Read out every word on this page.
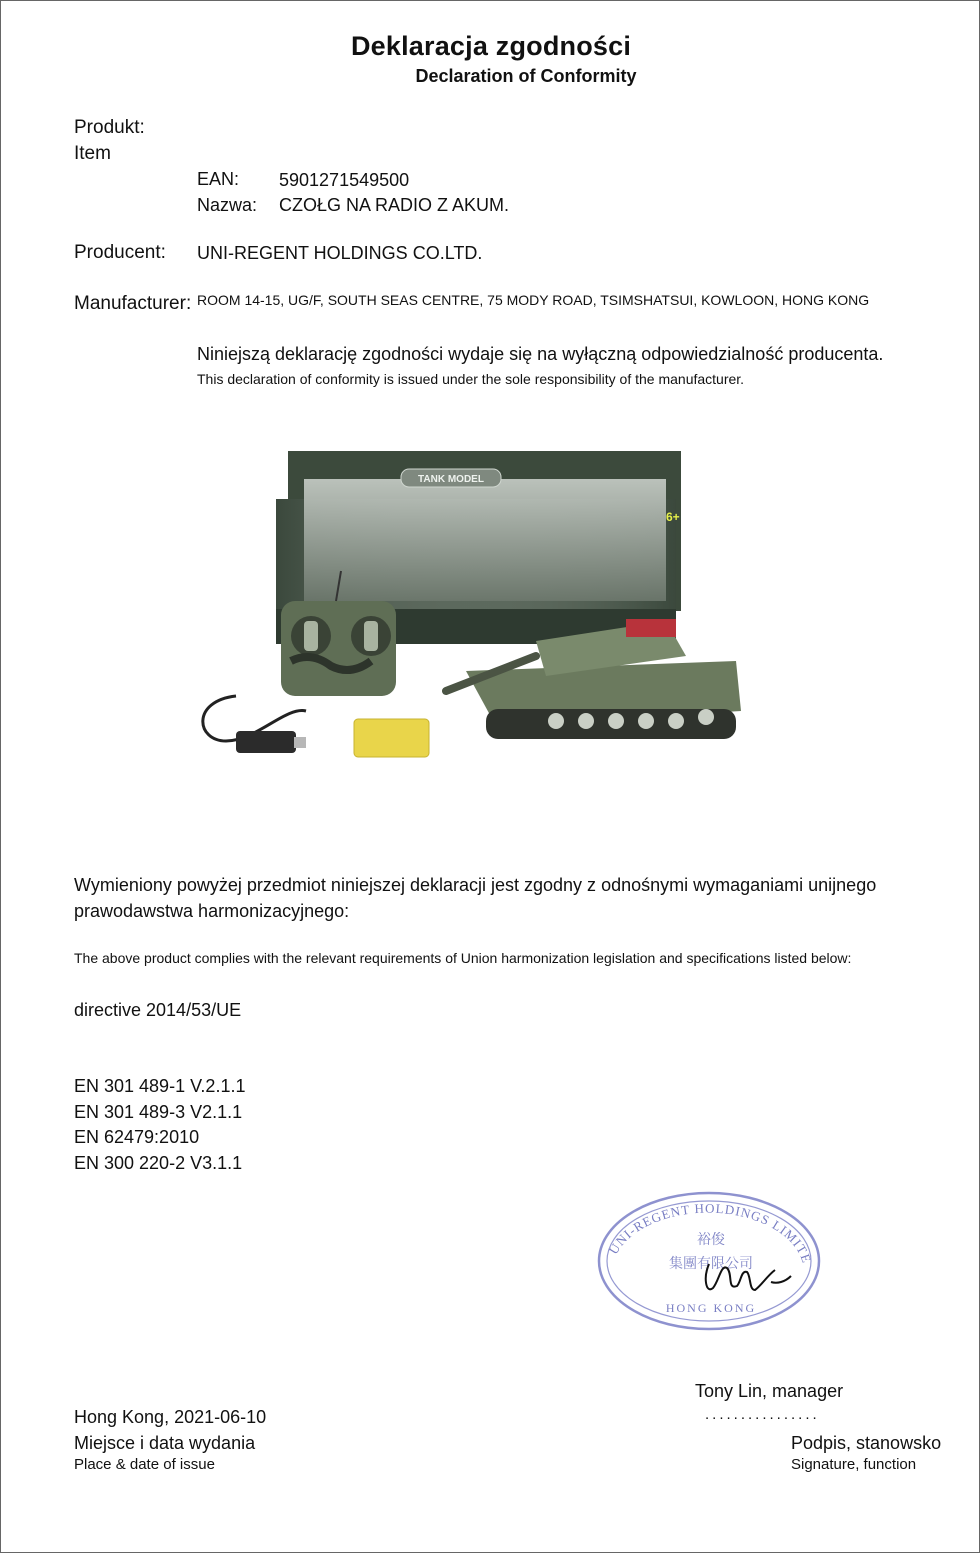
Deklaracja zgodności
Declaration of Conformity
Produkt:
Item
EAN: 5901271549500
Nazwa: CZOŁG NA RADIO Z AKUM.
Producent: UNI-REGENT HOLDINGS CO.LTD.
Manufacturer: ROOM 14-15, UG/F, SOUTH SEAS CENTRE, 75 MODY ROAD, TSIMSHATSUI, KOWLOON, HONG KONG
Niniejszą deklarację zgodności wydaje się na wyłączną odpowiedzialność producenta.
This declaration of conformity is issued under the sole responsibility of the manufacturer.
TANK MODEL
6+
Wymieniony powyżej przedmiot niniejszej deklaracji jest zgodny z odnośnymi wymaganiami unijnego
prawodawstwa harmonizacyjnego:
The above product complies with the relevant requirements of Union harmonization legislation and specifications listed below:
directive 2014/53/UE
EN 301 489-1 V.2.1.1
EN 301 489-3 V2.1.1
EN 62479:2010
EN 300 220-2 V3.1.1
UNI-REGENT HOLDINGS LIMITE
裕俊
集團有限公司
HONG KONG
Tony Lin, manager
................
Podpis, stanowsko
Signature, function
Hong Kong, 2021-06-10
Miejsce i data wydania
Place & date of issue
